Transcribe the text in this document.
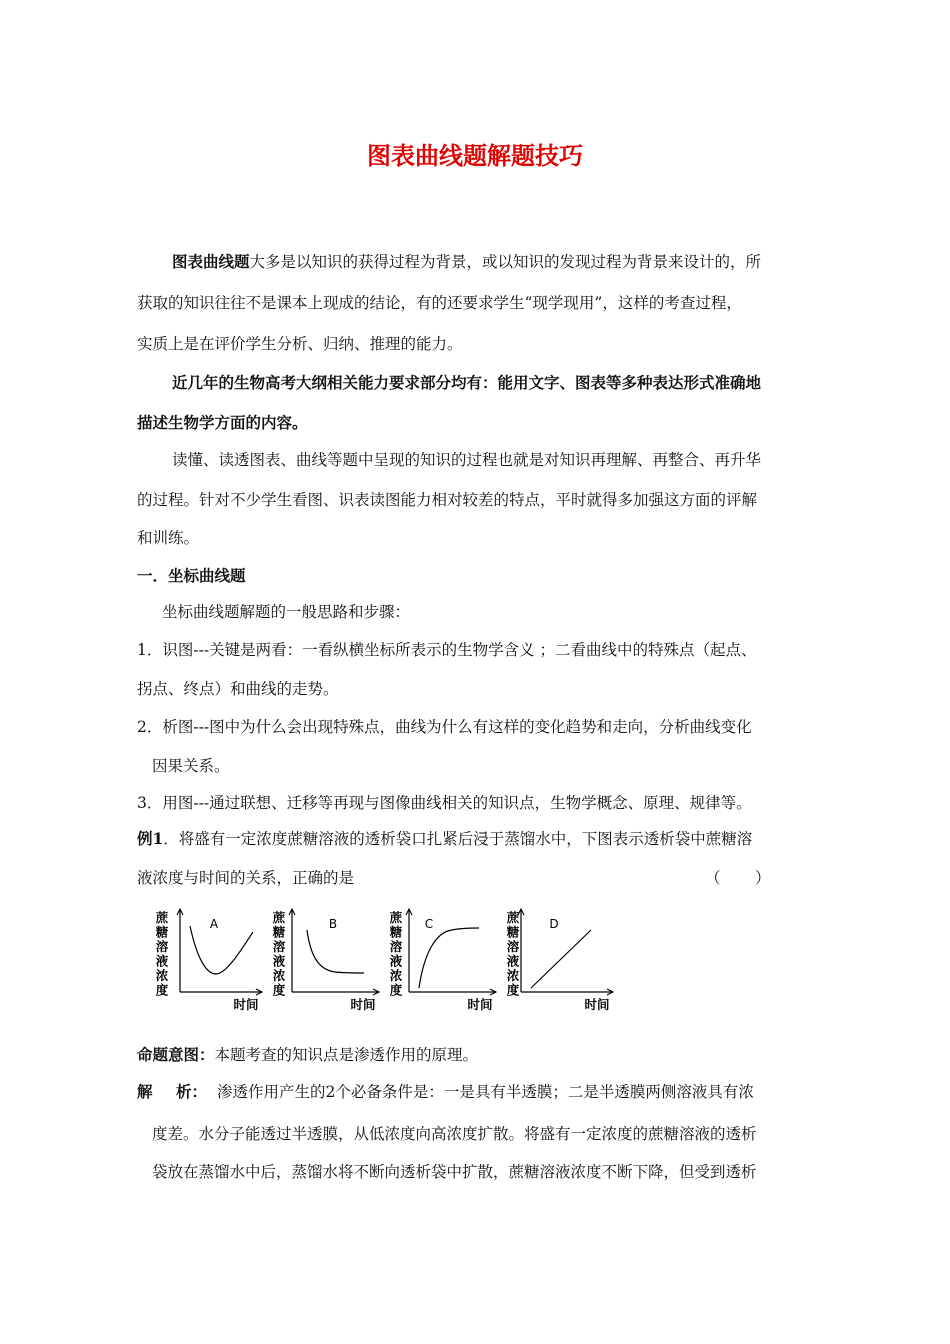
图表曲线题解题技巧
图表曲线题大多是以知识的获得过程为背景，或以知识的发现过程为背景来设计的，所
获取的知识往往不是课本上现成的结论，有的还要求学生“现学现用”，这样的考查过程，
实质上是在评价学生分析、归纳、推理的能力。
近几年的生物高考大纲相关能力要求部分均有：能用文字、图表等多种表达形式准确地
描述生物学方面的内容。
读懂、读透图表、曲线等题中呈现的知识的过程也就是对知识再理解、再整合、再升华
的过程。针对不少学生看图、识表读图能力相对较差的特点，平时就得多加强这方面的评解
和训练。
一．坐标曲线题
坐标曲线题解题的一般思路和步骤：
1．识图---关键是两看：一看纵横坐标所表示的生物学含义 ；二看曲线中的特殊点（起点、
拐点、终点）和曲线的走势。
2．析图---图中为什么会出现特殊点，曲线为什么有这样的变化趋势和走向，分析曲线变化
因果关系。
3．用图---通过联想、迁移等再现与图像曲线相关的知识点，生物学概念、原理、规律等。
例1．将盛有一定浓度蔗糖溶液的透析袋口扎紧后浸于蒸馏水中，下图表示透析袋中蔗糖溶
液浓度与时间的关系，正确的是	（ ）
蔗糖溶液浓度
时间
A	蔗糖溶液浓度
时间
B	蔗糖溶液浓度
时间
C	蔗糖溶液浓度
时间
D
命题意图：本题考查的知识点是渗透作用的原理。
解 析： 渗透作用产生的2个必备条件是：一是具有半透膜；二是半透膜两侧溶液具有浓
度差。水分子能透过半透膜，从低浓度向高浓度扩散。将盛有一定浓度的蔗糖溶液的透析
袋放在蒸馏水中后，蒸馏水将不断向透析袋中扩散，蔗糖溶液浓度不断下降，但受到透析
